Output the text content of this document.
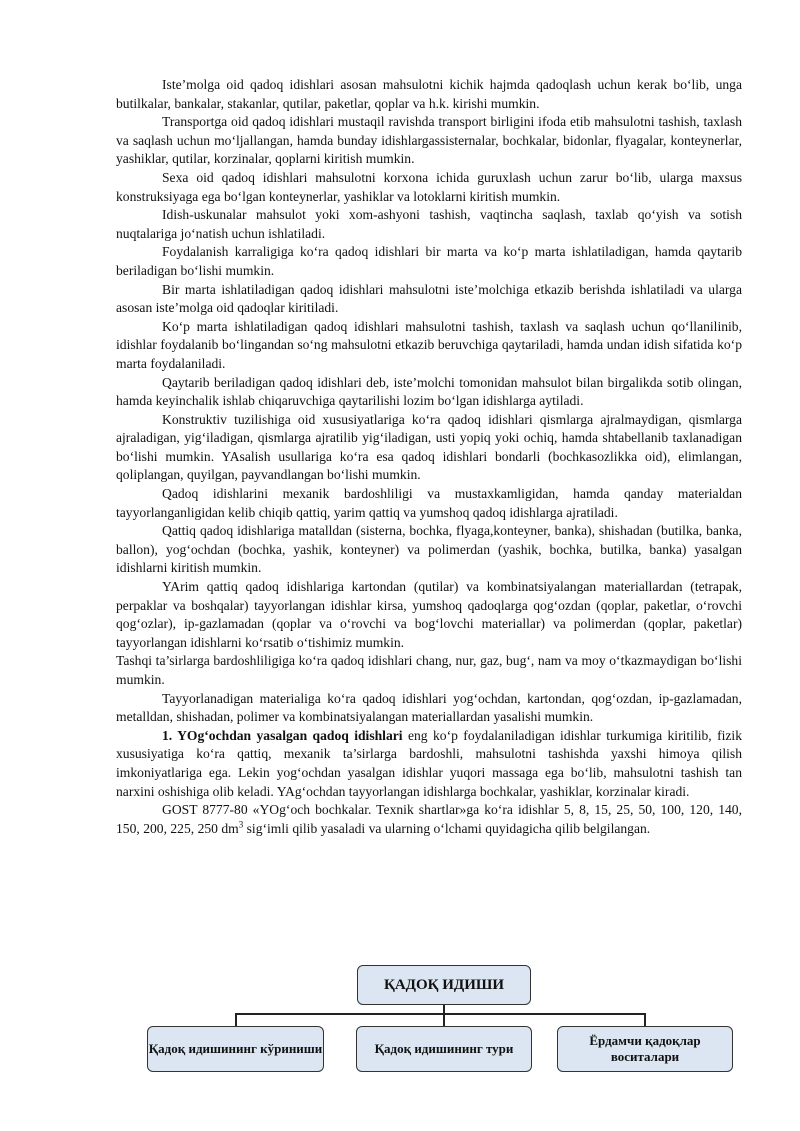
Iste’molga oid qadoq idishlari asosan mahsulotni kichik hajmda qadoqlash uchun kerak bo‘lib, unga butilkalar, bankalar, stakanlar, qutilar, paketlar, qoplar va h.k. kirishi mumkin.

Transportga oid qadoq idishlari mustaqil ravishda transport birligini ifoda etib mahsulotni tashish, taxlash va saqlash uchun mo‘ljallangan, hamda bunday idishlargassisternalar, bochkalar, bidonlar, flyagalar, konteynerlar, yashiklar, qutilar, korzinalar, qoplarni kiritish mumkin.

Sexa oid qadoq idishlari mahsulotni korxona ichida guruxlash uchun zarur bo‘lib, ularga maxsus konstruksiyaga ega bo‘lgan konteynerlar, yashiklar va lotoklarni kiritish mumkin.

Idish-uskunalar mahsulot yoki xom-ashyoni tashish, vaqtincha saqlash, taxlab qo‘yish va sotish nuqtalariga jo‘natish uchun ishlatiladi.

Foydalanish karraligiga ko‘ra qadoq idishlari bir marta va ko‘p marta ishlatiladigan, hamda qaytarib beriladigan bo‘lishi mumkin.

Bir marta ishlatiladigan qadoq idishlari mahsulotni iste’molchiga etkazib berishda ishlatiladi va ularga asosan iste’molga oid qadoqlar kiritiladi.

Ko‘p marta ishlatiladigan qadoq idishlari mahsulotni tashish, taxlash va saqlash uchun qo‘llanilinib, idishlar foydalanib bo‘lingandan so‘ng mahsulotni etkazib beruvchiga qaytariladi, hamda undan idish sifatida ko‘p marta foydalaniladi.

Qaytarib beriladigan qadoq idishlari deb, iste’molchi tomonidan mahsulot bilan birgalikda sotib olingan, hamda keyinchalik ishlab chiqaruvchiga qaytarilishi lozim bo‘lgan idishlarga aytiladi.

Konstruktiv tuzilishiga oid xususiyatlariga ko‘ra qadoq idishlari qismlarga ajralmaydigan, qismlarga ajraladigan, yig‘iladigan, qismlarga ajratilib yig‘iladigan, usti yopiq yoki ochiq, hamda shtabellanib taxlanadigan bo‘lishi mumkin. YAsalish usullariga ko‘ra esa qadoq idishlari bondarli (bochkasozlikka oid), elimlangan, qoliplangan, quyilgan, payvandlangan bo‘lishi mumkin.

Qadoq idishlarini mexanik bardoshliligi va mustaxkamligidan, hamda qanday materialdan tayyorlanganligidan kelib chiqib qattiq, yarim qattiq va yumshoq qadoq idishlarga ajratiladi.

Qattiq qadoq idishlariga matalldan (sisterna, bochka, flyaga,konteyner, banka), shishadan (butilka, banka, ballon), yog‘ochdan (bochka, yashik, konteyner) va polimerdan (yashik, bochka, butilka, banka) yasalgan idishlarni kiritish mumkin.

YArim qattiq qadoq idishlariga kartondan (qutilar) va kombinatsiyalangan materiallardan (tetrapak, perpaklar va boshqalar) tayyorlangan idishlar kirsa, yumshoq qadoqlarga qog‘ozdan (qoplar, paketlar, o‘rovchi qog‘ozlar), ip-gazlamadan (qoplar va o‘rovchi va bog‘lovchi materiallar) va polimerdan (qoplar, paketlar) tayyorlangan idishlarni ko‘rsatib o‘tishimiz mumkin.

Tashqi ta’sirlarga bardoshliligiga ko‘ra qadoq idishlari chang, nur, gaz, bug‘, nam va moy o‘tkazmaydigan bo‘lishi mumkin.

Tayyorlanadigan materialiga ko‘ra qadoq idishlari yog‘ochdan, kartondan, qog‘ozdan, ip-gazlamadan, metalldan, shishadan, polimer va kombinatsiyalangan materiallardan yasalishi mumkin.

1. YOg‘ochdan yasalgan qadoq idishlari eng ko‘p foydalaniladigan idishlar turkumiga kiritilib, fizik xususiyatiga ko‘ra qattiq, mexanik ta’sirlarga bardoshli, mahsulotni tashishda yaxshi himoya qilish imkoniyatlariga ega. Lekin yog‘ochdan yasalgan idishlar yuqori massaga ega bo‘lib, mahsulotni tashish tan narxini oshishiga olib keladi. YAg‘ochdan tayyorlangan idishlarga bochkalar, yashiklar, korzinalar kiradi.

GOST 8777-80 «YOg‘och bochkalar. Texnik shartlar»ga ko‘ra idishlar 5, 8, 15, 25, 50, 100, 120, 140, 150, 200, 225, 250 $dm^3$ sig‘imli qilib yasaladi va ularning o‘lchami quyidagicha qilib belgilangan.

ҚАДОҚ ИДИШИ
Қадоқ идишининг кўриниши	Қадоқ идишининг тури
Ёрдамчи қадоқлар воситалари
